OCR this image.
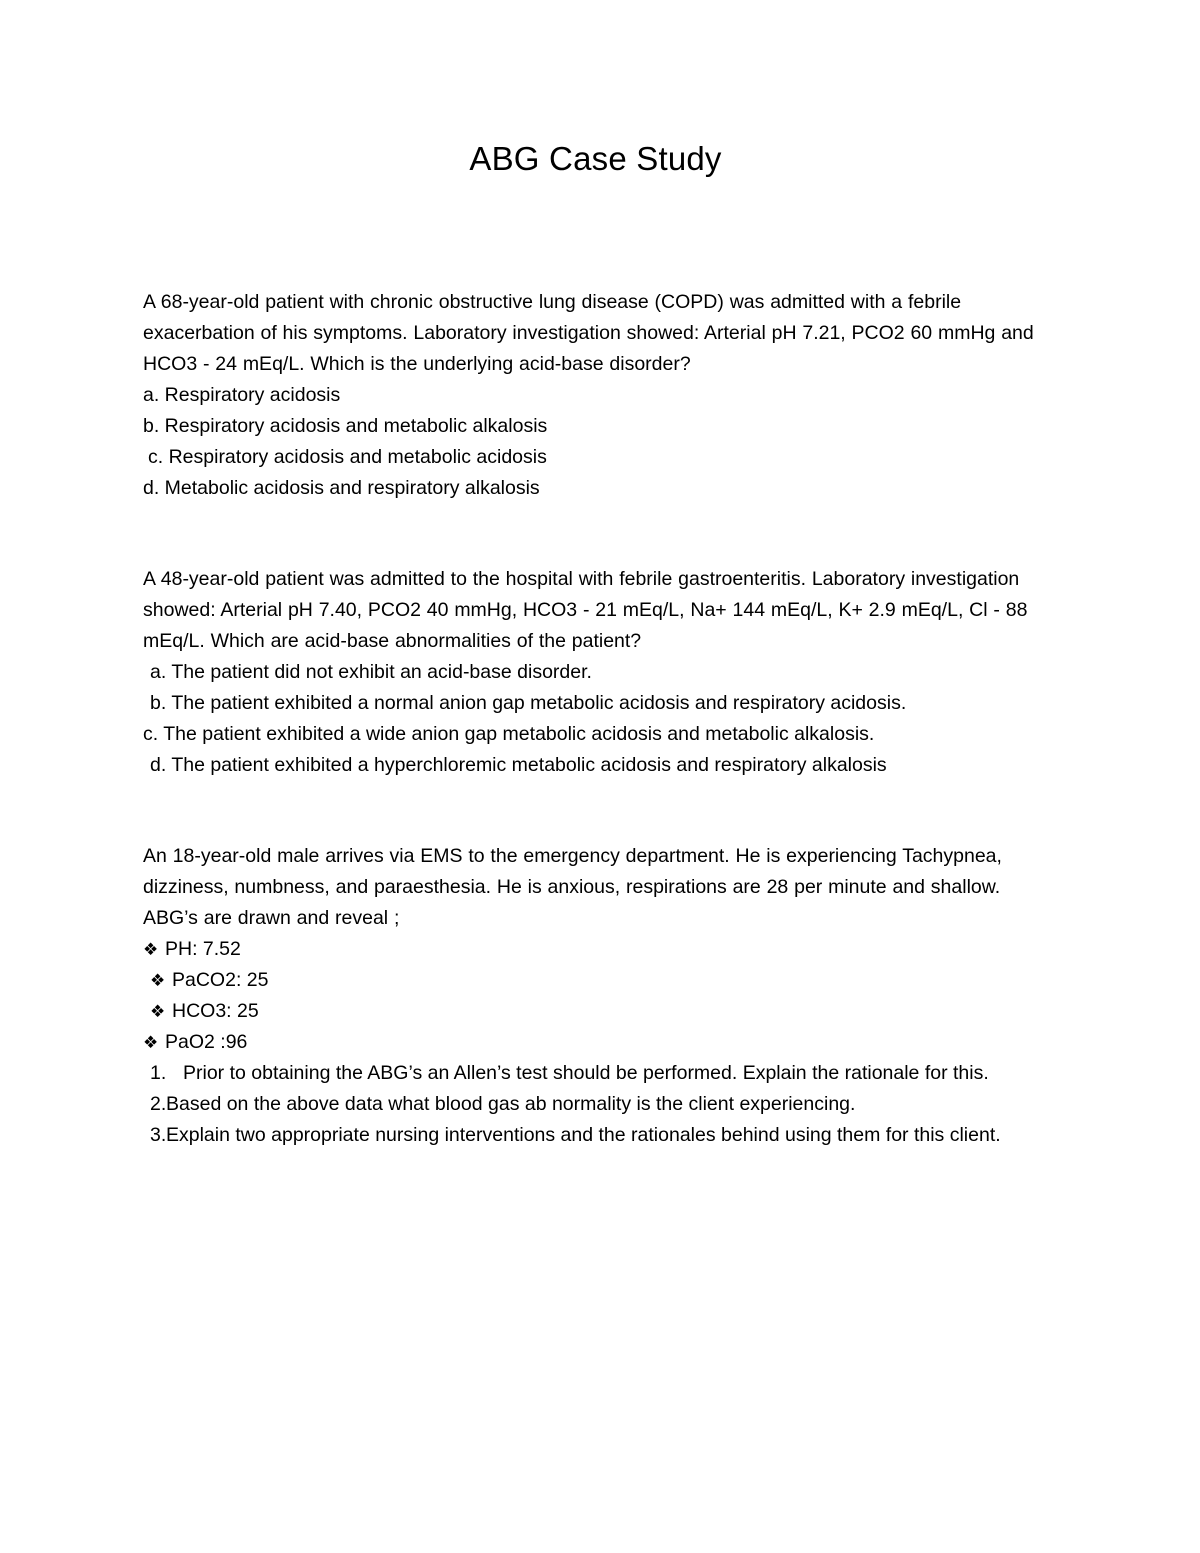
ABG Case Study

A 68-year-old patient with chronic obstructive lung disease (COPD) was admitted with a febrile exacerbation of his symptoms. Laboratory investigation showed: Arterial pH 7.21, PCO2 60 mmHg and HCO3 - 24 mEq/L. Which is the underlying acid-base disorder?

a. Respiratory acidosis

b. Respiratory acidosis and metabolic alkalosis

c. Respiratory acidosis and metabolic acidosis

d. Metabolic acidosis and respiratory alkalosis

A 48-year-old patient was admitted to the hospital with febrile gastroenteritis. Laboratory investigation showed: Arterial pH 7.40, PCO2 40 mmHg, HCO3 - 21 mEq/L, Na+ 144 mEq/L, K+ 2.9 mEq/L, Cl - 88 mEq/L. Which are acid-base abnormalities of the patient?

a. The patient did not exhibit an acid-base disorder.

b. The patient exhibited a normal anion gap metabolic acidosis and respiratory acidosis.

c. The patient exhibited a wide anion gap metabolic acidosis and metabolic alkalosis.

d. The patient exhibited a hyperchloremic metabolic acidosis and respiratory alkalosis

An 18-year-old male arrives via EMS to the emergency department. He is experiencing Tachypnea, dizziness, numbness, and paraesthesia. He is anxious, respirations are 28 per minute and shallow. ABG’s are drawn and reveal ;

❖ PH: 7.52
❖ PaCO2: 25
❖ HCO3: 25
❖ PaO2 :96
1. Prior to obtaining the ABG’s an Allen’s test should be performed. Explain the rationale for this.
2. Based on the above data what blood gas ab normality is the client experiencing.
3. Explain two appropriate nursing interventions and the rationales behind using them for this client.
